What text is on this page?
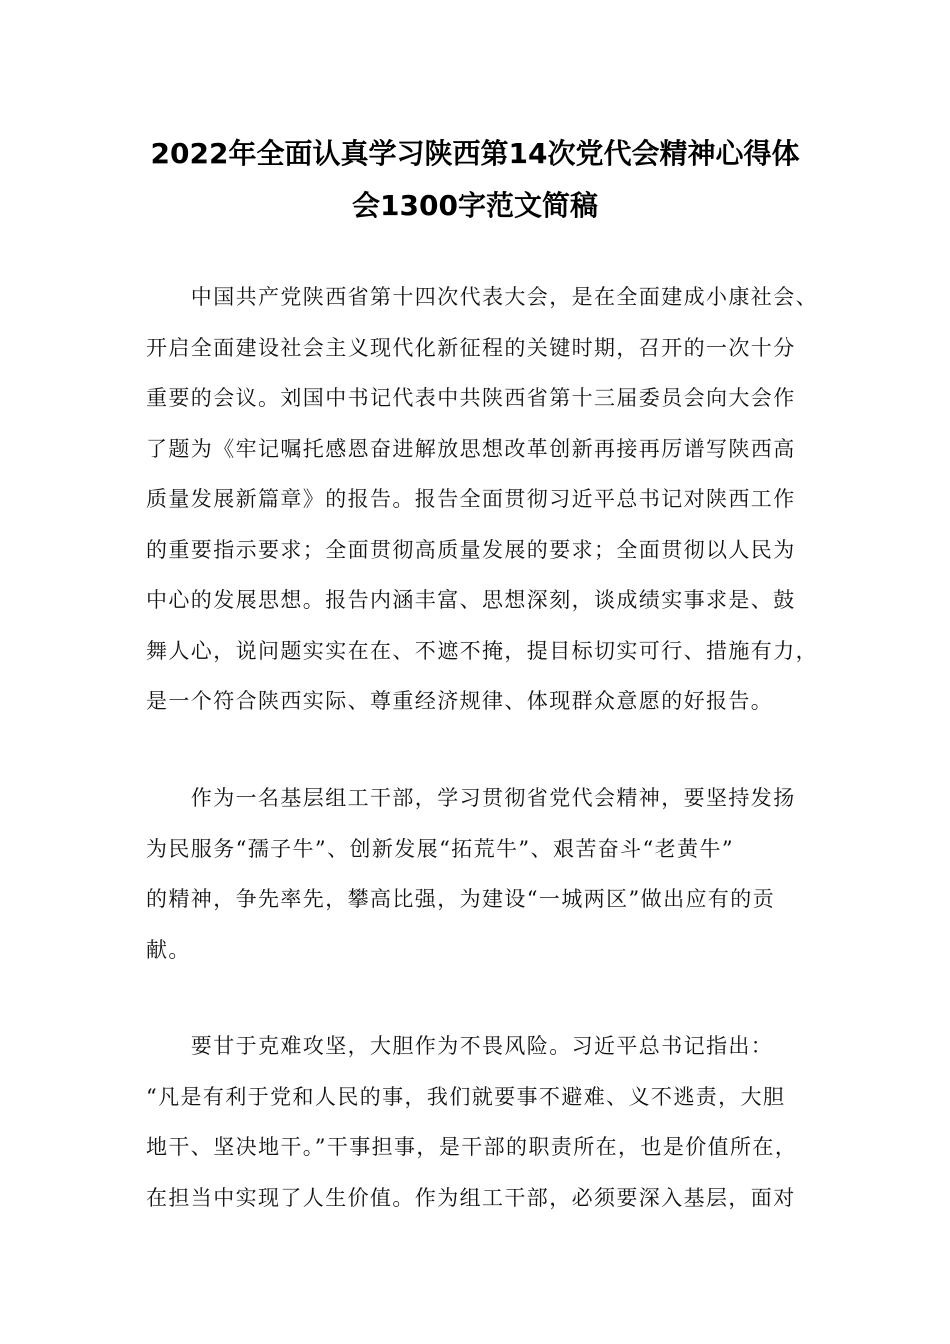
2022年全面认真学习陕西第14次党代会精神心得体
会1300字范文简稿
　　中国共产党陕西省第十四次代表大会，是在全面建成小康社会、
开启全面建设社会主义现代化新征程的关键时期，召开的一次十分
重要的会议。刘国中书记代表中共陕西省第十三届委员会向大会作
了题为《牢记嘱托感恩奋进解放思想改革创新再接再厉谱写陕西高
质量发展新篇章》的报告。报告全面贯彻习近平总书记对陕西工作
的重要指示要求；全面贯彻高质量发展的要求；全面贯彻以人民为
中心的发展思想。报告内涵丰富、思想深刻，谈成绩实事求是、鼓
舞人心，说问题实实在在、不遮不掩，提目标切实可行、措施有力，
是一个符合陕西实际、尊重经济规律、体现群众意愿的好报告。
　　作为一名基层组工干部，学习贯彻省党代会精神，要坚持发扬
为民服务“孺子牛”、创新发展“拓荒牛”、艰苦奋斗“老黄牛”
的精神，争先率先，攀高比强，为建设“一城两区”做出应有的贡
献。
　　要甘于克难攻坚，大胆作为不畏风险。习近平总书记指出：
“凡是有利于党和人民的事，我们就要事不避难、义不逃责，大胆
地干、坚决地干。”干事担事，是干部的职责所在，也是价值所在，
在担当中实现了人生价值。作为组工干部，必须要深入基层，面对
